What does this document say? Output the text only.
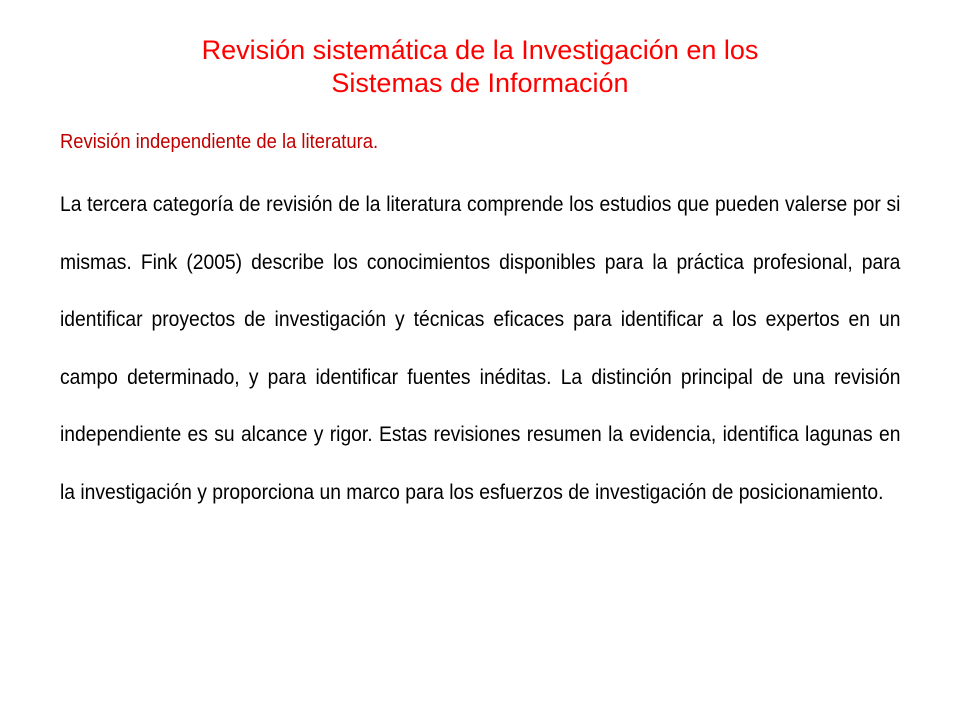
Revisión sistemática de la Investigación en los
Sistemas de Información
Revisión independiente de la literatura.

La tercera categoría de revisión de la literatura comprende los estudios que pueden valerse por si mismas. Fink (2005) describe los conocimientos disponibles para la práctica profesional, para identificar proyectos de investigación y técnicas eficaces para identificar a los expertos en un campo determinado, y para identificar fuentes inéditas. La distinción principal de una revisión independiente es su alcance y rigor. Estas revisiones resumen la evidencia, identifica lagunas en la investigación y proporciona un marco para los esfuerzos de investigación de posicionamiento.
